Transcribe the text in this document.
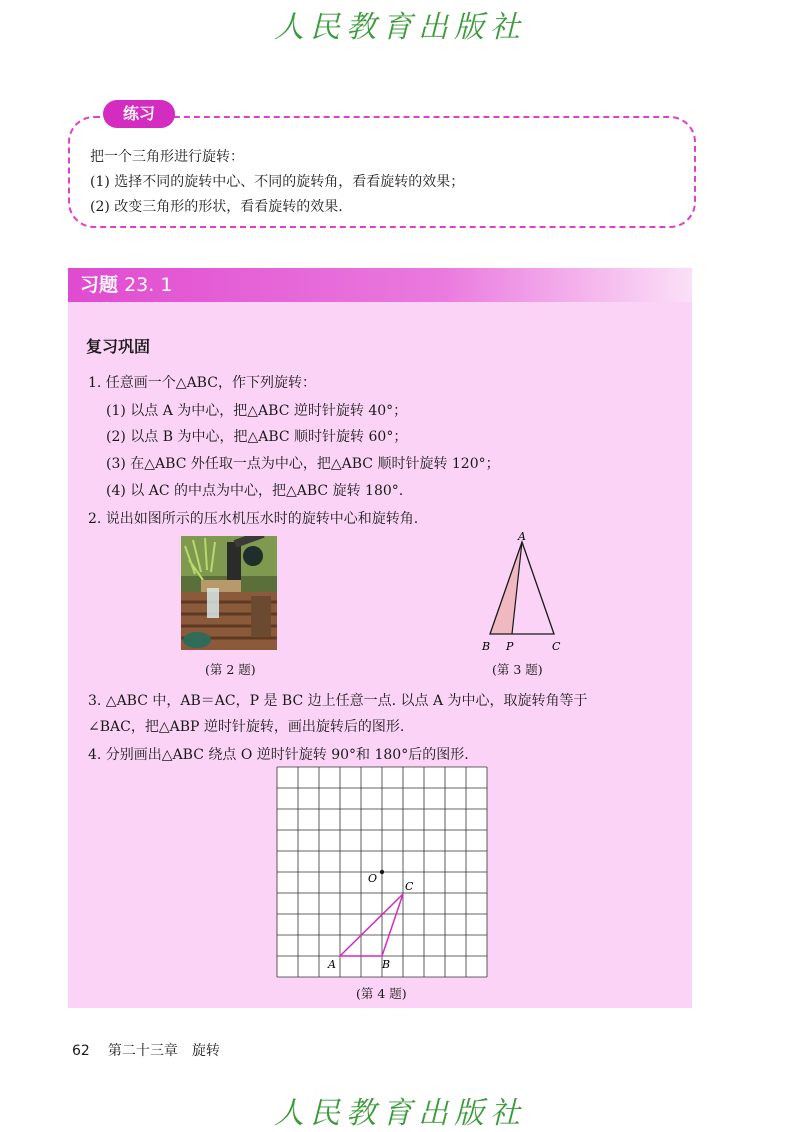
人民教育出版社
练习
把一个三角形进行旋转：
(1) 选择不同的旋转中心、不同的旋转角，看看旋转的效果；
(2) 改变三角形的形状，看看旋转的效果.
习题 23. 1
复习巩固
1. 任意画一个△ABC，作下列旋转：
(1) 以点 A 为中心，把△ABC 逆时针旋转 40°；
(2) 以点 B 为中心，把△ABC 顺时针旋转 60°；
(3) 在△ABC 外任取一点为中心，把△ABC 顺时针旋转 120°；
(4) 以 AC 的中点为中心，把△ABC 旋转 180°.
2. 说出如图所示的压水机压水时的旋转中心和旋转角.
A
B P	C
(第 2 题)	(第 3 题)
3. △ABC 中，AB＝AC，P 是 BC 边上任意一点. 以点 A 为中心，取旋转角等于
∠BAC，把△ABP 逆时针旋转，画出旋转后的图形.
4. 分别画出△ABC 绕点 O 逆时针旋转 90°和 180°后的图形.
O
A	B
C
(第 4 题)
62 第二十三章　旋转
人民教育出版社
